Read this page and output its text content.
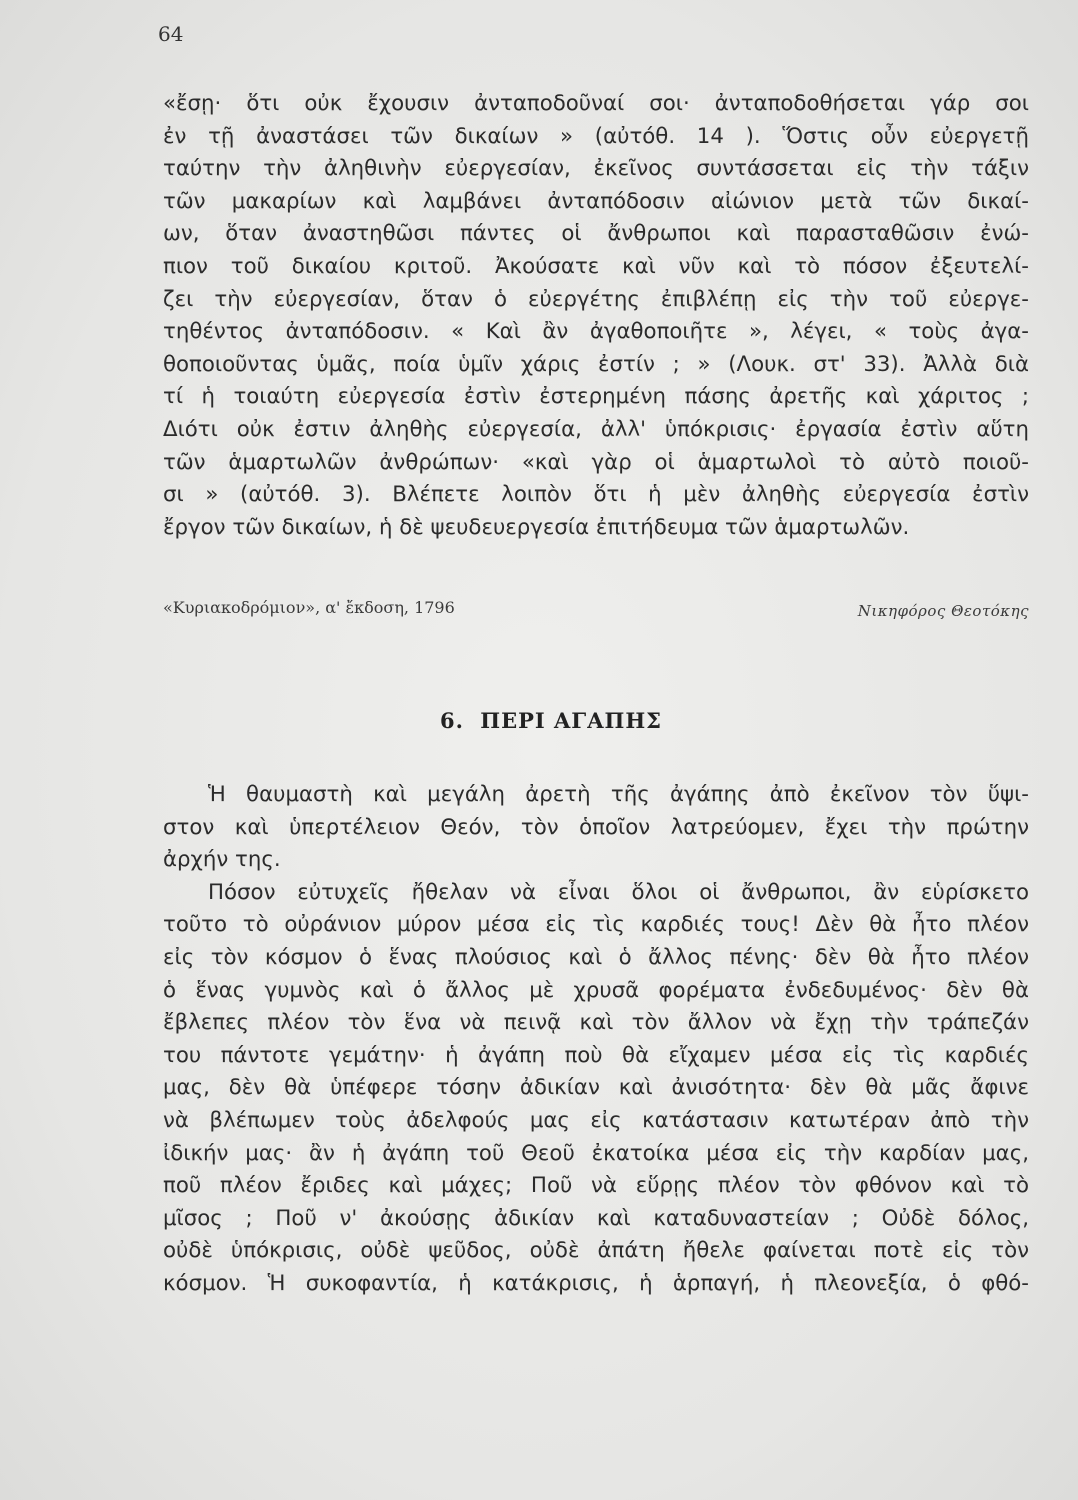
64
«ἔσῃ· ὅτι οὐκ ἔχουσιν ἀνταποδοῦναί σοι· ἀνταποδοθήσεται γάρ σοι
ἐν τῇ ἀναστάσει τῶν δικαίων » (αὐτόθ. 14 ). Ὅστις οὖν εὐεργετῇ
ταύτην τὴν ἀληθινὴν εὐεργεσίαν, ἐκεῖνος συντάσσεται εἰς τὴν τάξιν
τῶν μακαρίων καὶ λαμβάνει ἀνταπόδοσιν αἰώνιον μετὰ τῶν δικαί-
ων, ὅταν ἀναστηθῶσι πάντες οἱ ἄνθρωποι καὶ παρασταθῶσιν ἐνώ-
πιον τοῦ δικαίου κριτοῦ. Ἀκούσατε καὶ νῦν καὶ τὸ πόσον ἐξευτελί-
ζει τὴν εὐεργεσίαν, ὅταν ὁ εὐεργέτης ἐπιβλέπῃ εἰς τὴν τοῦ εὐεργε-
τηθέντος ἀνταπόδοσιν. « Καὶ ἂν ἀγαθοποιῆτε », λέγει, « τοὺς ἀγα-
θοποιοῦντας ὑμᾶς, ποία ὑμῖν χάρις ἐστίν ; » (Λουκ. στ' 33). Ἀλλὰ διὰ
τί ἡ τοιαύτη εὐεργεσία ἐστὶν ἐστερημένη πάσης ἀρετῆς καὶ χάριτος ;
Διότι οὐκ ἐστιν ἀληθὴς εὐεργεσία, ἀλλ' ὑπόκρισις· ἐργασία ἐστὶν αὕτη
τῶν ἁμαρτωλῶν ἀνθρώπων· «καὶ γὰρ οἱ ἁμαρτωλοὶ τὸ αὐτὸ ποιοῦ-
σι » (αὐτόθ. 3). Βλέπετε λοιπὸν ὅτι ἡ μὲν ἀληθὴς εὐεργεσία ἐστὶν
ἔργον τῶν δικαίων, ἡ δὲ ψευδευεργεσία ἐπιτήδευμα τῶν ἁμαρτωλῶν.
«Κυριακοδρόμιον», α' ἔκδοση, 1796	Νικηφόρος Θεοτόκης
6. ΠΕΡΙ ΑΓΑΠΗΣ
Ἡ θαυμαστὴ καὶ μεγάλη ἀρετὴ τῆς ἀγάπης ἀπὸ ἐκεῖνον τὸν ὕψι-
στον καὶ ὑπερτέλειον Θεόν, τὸν ὁποῖον λατρεύομεν, ἔχει τὴν πρώτην
ἀρχήν της.
Πόσον εὐτυχεῖς ἤθελαν νὰ εἶναι ὅλοι οἱ ἄνθρωποι, ἂν εὑρίσκετο
τοῦτο τὸ οὐράνιον μύρον μέσα εἰς τὶς καρδιές τους! Δὲν θὰ ἦτο πλέον
εἰς τὸν κόσμον ὁ ἕνας πλούσιος καὶ ὁ ἄλλος πένης· δὲν θὰ ἦτο πλέον
ὁ ἕνας γυμνὸς καὶ ὁ ἄλλος μὲ χρυσᾶ φορέματα ἐνδεδυμένος· δὲν θὰ
ἔβλεπες πλέον τὸν ἕνα νὰ πεινᾷ καὶ τὸν ἄλλον νὰ ἔχῃ τὴν τράπεζάν
του πάντοτε γεμάτην· ἡ ἀγάπη ποὺ θὰ εἴχαμεν μέσα εἰς τὶς καρδιές
μας, δὲν θὰ ὑπέφερε τόσην ἀδικίαν καὶ ἀνισότητα· δὲν θὰ μᾶς ἄφινε
νὰ βλέπωμεν τοὺς ἀδελφούς μας εἰς κατάστασιν κατωτέραν ἀπὸ τὴν
ἰδικήν μας· ἂν ἡ ἀγάπη τοῦ Θεοῦ ἐκατοίκα μέσα εἰς τὴν καρδίαν μας,
ποῦ πλέον ἔριδες καὶ μάχες; Ποῦ νὰ εὕρῃς πλέον τὸν φθόνον καὶ τὸ
μῖσος ; Ποῦ ν' ἀκούσῃς ἀδικίαν καὶ καταδυναστείαν ; Οὐδὲ δόλος,
οὐδὲ ὑπόκρισις, οὐδὲ ψεῦδος, οὐδὲ ἀπάτη ἤθελε φαίνεται ποτὲ εἰς τὸν
κόσμον. Ἡ συκοφαντία, ἡ κατάκρισις, ἡ ἁρπαγή, ἡ πλεονεξία, ὁ φθό-
